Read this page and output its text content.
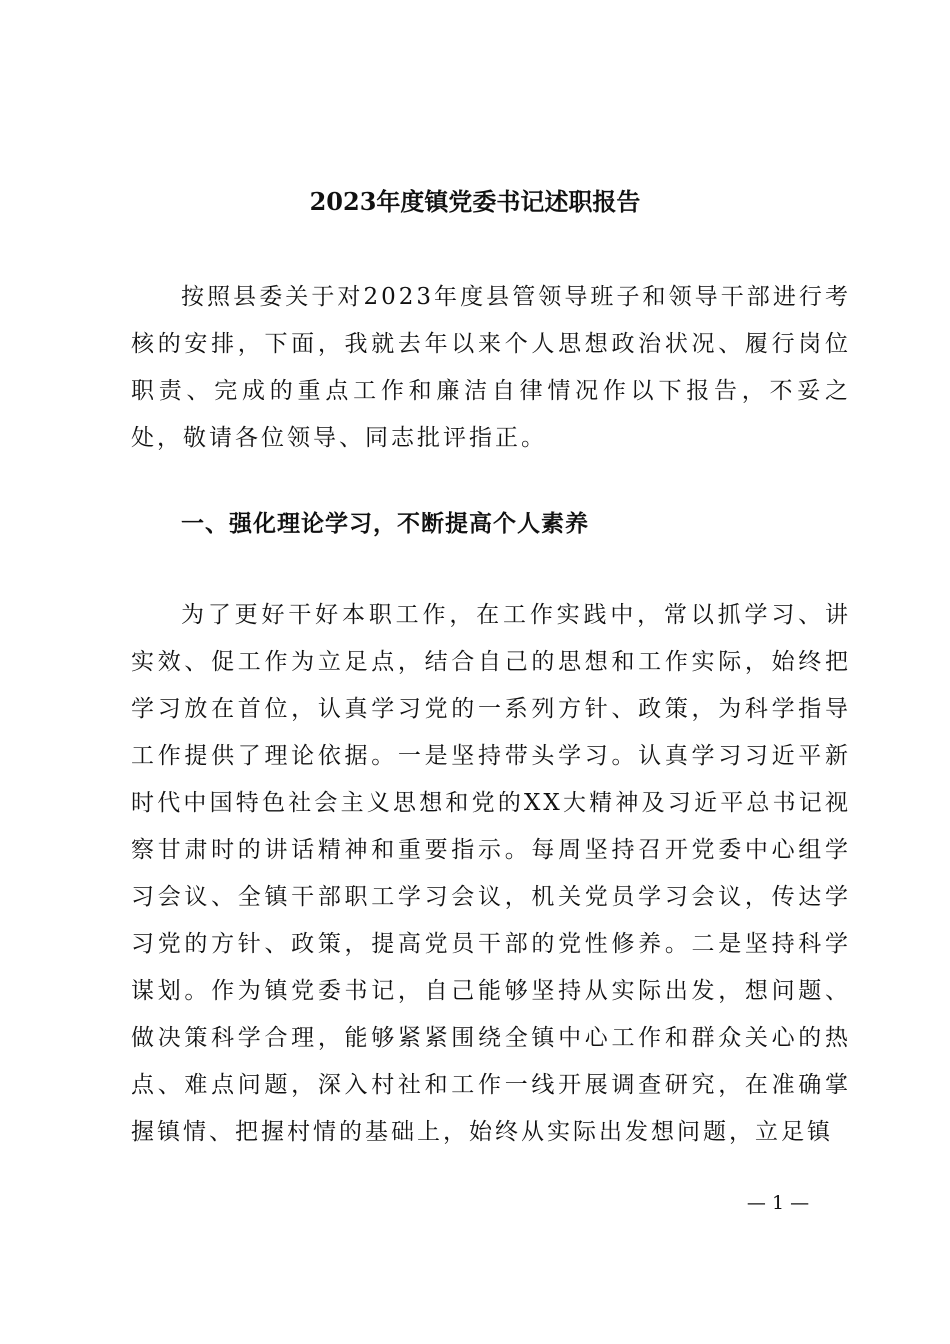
2023年度镇党委书记述职报告

按照县委关于对2023年度县管领导班子和领导干部进行考核的安排，下面，我就去年以来个人思想政治状况、履行岗位职责、完成的重点工作和廉洁自律情况作以下报告，不妥之处，敬请各位领导、同志批评指正。

一、强化理论学习，不断提高个人素养

为了更好干好本职工作，在工作实践中，常以抓学习、讲实效、促工作为立足点，结合自己的思想和工作实际，始终把学习放在首位，认真学习党的一系列方针、政策，为科学指导工作提供了理论依据。一是坚持带头学习。认真学习习近平新时代中国特色社会主义思想和党的XX大精神及习近平总书记视察甘肃时的讲话精神和重要指示。每周坚持召开党委中心组学习会议、全镇干部职工学习会议，机关党员学习会议，传达学习党的方针、政策，提高党员干部的党性修养。二是坚持科学谋划。作为镇党委书记，自己能够坚持从实际出发，想问题、做决策科学合理，能够紧紧围绕全镇中心工作和群众关心的热点、难点问题，深入村社和工作一线开展调查研究，在准确掌握镇情、把握村情的基础上，始终从实际出发想问题，立足镇

— 1 —
